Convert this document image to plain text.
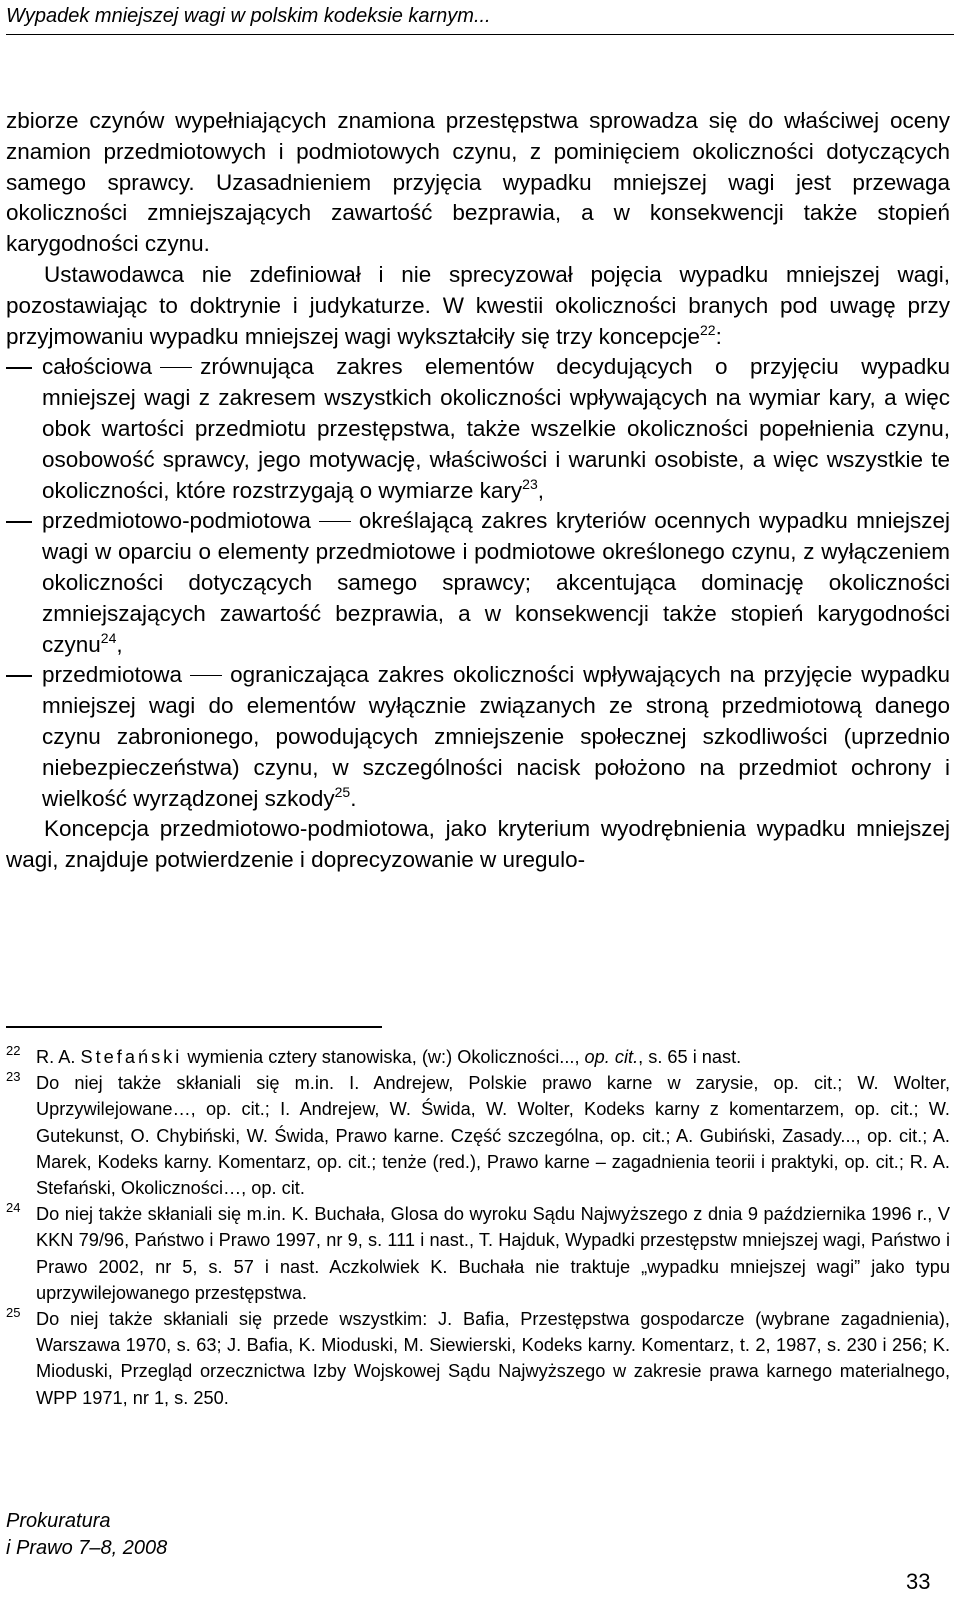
Wypadek mniejszej wagi w polskim kodeksie karnym...

zbiorze czynów wypełniających znamiona przestępstwa sprowadza się do właściwej oceny znamion przedmiotowych i podmiotowych czynu, z pominięciem okoliczności dotyczących samego sprawcy. Uzasadnieniem przyjęcia wypadku mniejszej wagi jest przewaga okoliczności zmniejszających zawartość bezprawia, a w konsekwencji także stopień karygodności czynu.

Ustawodawca nie zdefiniował i nie sprecyzował pojęcia wypadku mniejszej wagi, pozostawiając to doktrynie i judykaturze. W kwestii okoliczności branych pod uwagę przy przyjmowaniu wypadku mniejszej wagi wykształciły się trzy koncepcje$^{22}$:

całościowa zrównująca zakres elementów decydujących o przyjęciu wypadku mniejszej wagi z zakresem wszystkich okoliczności wpływających na wymiar kary, a więc obok wartości przedmiotu przestępstwa, także wszelkie okoliczności popełnienia czynu, osobowość sprawcy, jego motywację, właściwości i warunki osobiste, a więc wszystkie te okoliczności, które rozstrzygają o wymiarze kary$^{23}$,
przedmiotowo-podmiotowa określającą zakres kryteriów ocennych wypadku mniejszej wagi w oparciu o elementy przedmiotowe i podmiotowe określonego czynu, z wyłączeniem okoliczności dotyczących samego sprawcy; akcentująca dominację okoliczności zmniejszających zawartość bezprawia, a w konsekwencji także stopień karygodności czynu$^{24}$,
przedmiotowa ograniczająca zakres okoliczności wpływających na przyjęcie wypadku mniejszej wagi do elementów wyłącznie związanych ze stroną przedmiotową danego czynu zabronionego, powodujących zmniejszenie społecznej szkodliwości (uprzednio niebezpieczeństwa) czynu, w szczególności nacisk położono na przedmiot ochrony i wielkość wyrządzonej szkody$^{25}$.

Koncepcja przedmiotowo-podmiotowa, jako kryterium wyodrębnienia wypadku mniejszej wagi, znajduje potwierdzenie i doprecyzowanie w uregulo-

22 R. A. Stefański wymienia cztery stanowiska, (w:) Okoliczności..., op. cit., s. 65 i nast.
23 Do niej także skłaniali się m.in. I. Andrejew, Polskie prawo karne w zarysie, op. cit.; W. Wolter, Uprzywilejowane…, op. cit.; I. Andrejew, W. Świda, W. Wolter, Kodeks karny z komentarzem, op. cit.; W. Gutekunst, O. Chybiński, W. Świda, Prawo karne. Część szczególna, op. cit.; A. Gubiński, Zasady..., op. cit.; A. Marek, Kodeks karny. Komentarz, op. cit.; tenże (red.), Prawo karne – zagadnienia teorii i praktyki, op. cit.; R. A. Stefański, Okoliczności…, op. cit.
24 Do niej także skłaniali się m.in. K. Buchała, Glosa do wyroku Sądu Najwyższego z dnia 9 października 1996 r., V KKN 79/96, Państwo i Prawo 1997, nr 9, s. 111 i nast., T. Hajduk, Wypadki przestępstw mniejszej wagi, Państwo i Prawo 2002, nr 5, s. 57 i nast. Aczkolwiek K. Buchała nie traktuje „wypadku mniejszej wagi” jako typu uprzywilejowanego przestępstwa.
25 Do niej także skłaniali się przede wszystkim: J. Bafia, Przestępstwa gospodarcze (wybrane zagadnienia), Warszawa 1970, s. 63; J. Bafia, K. Mioduski, M. Siewierski, Kodeks karny. Komentarz, t. 2, 1987, s. 230 i 256; K. Mioduski, Przegląd orzecznictwa Izby Wojskowej Sądu Najwyższego w zakresie prawa karnego materialnego, WPP 1971, nr 1, s. 250.
Prokuratura
i Prawo 7–8, 2008
33
